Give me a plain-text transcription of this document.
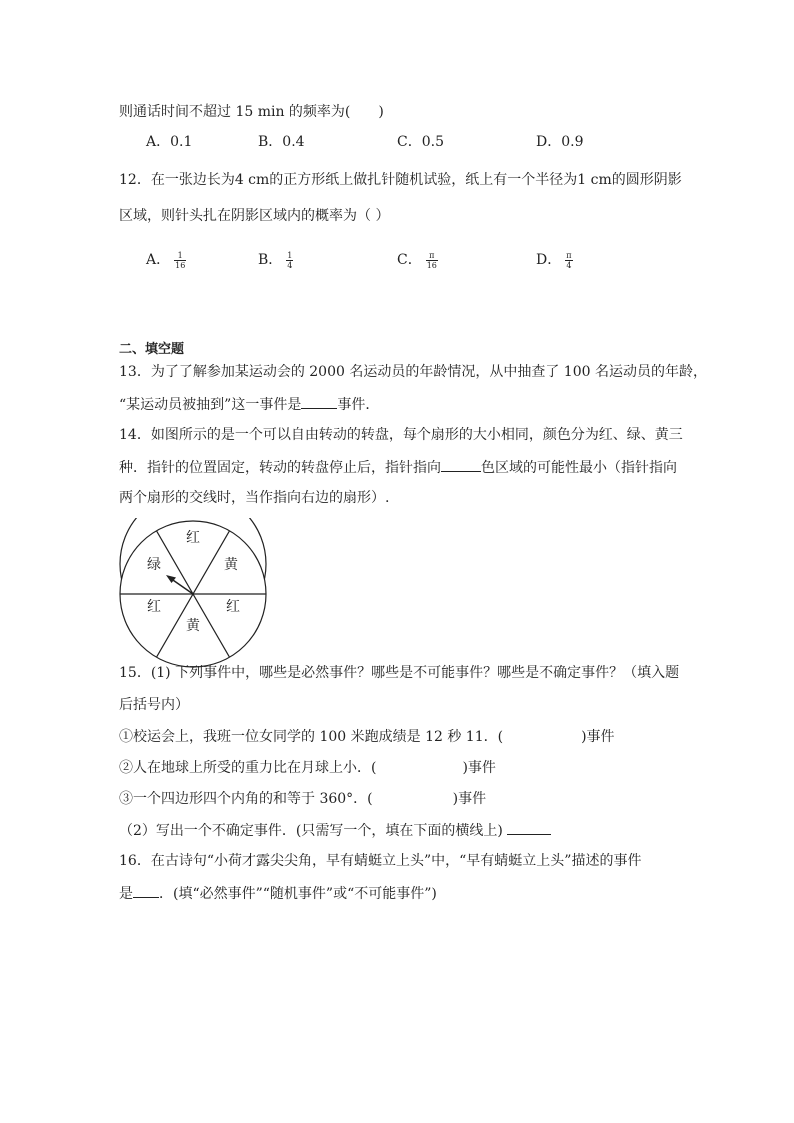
则通话时间不超过 15 min 的频率为(　　)
A．0.1	B．0.4	C．0.5	D．0.9
12．在一张边长为4 cm的正方形纸上做扎针随机试验，纸上有一个半径为1 cm的圆形阴影
区域，则针头扎在阴影区域内的概率为（ ）
A． $\frac{1}{16}$	B． $\frac{1}{4}$	C． $\frac{\pi}{16}$	D． $\frac{\pi}{4}$
二、填空题
13．为了了解参加某运动会的 2000 名运动员的年龄情况，从中抽查了 100 名运动员的年龄，
“某运动员被抽到”这一事件是	事件．
14．如图所示的是一个可以自由转动的转盘，每个扇形的大小相同，颜色分为红、绿、黄三
种．指针的位置固定，转动的转盘停止后，指针指向	色区域的可能性最小（指针指向
两个扇形的交线时，当作指向右边的扇形）.
红
黄
红
黄
红
绿
15．(1) 下列事件中，哪些是必然事件？哪些是不可能事件？哪些是不确定事件？（填入题
后括号内）
①校运会上，我班一位女同学的 100 米跑成绩是 12 秒 11．(	)事件
②人在地球上所受的重力比在月球上小．(	)事件
③一个四边形四个内角的和等于 360°．(	)事件
（2）写出一个不确定事件．(只需写一个，填在下面的横线上)
16．在古诗句“小荷才露尖尖角，早有蜻蜓立上头”中，“早有蜻蜓立上头”描述的事件
是 ．(填“必然事件”“随机事件”或“不可能事件”)
